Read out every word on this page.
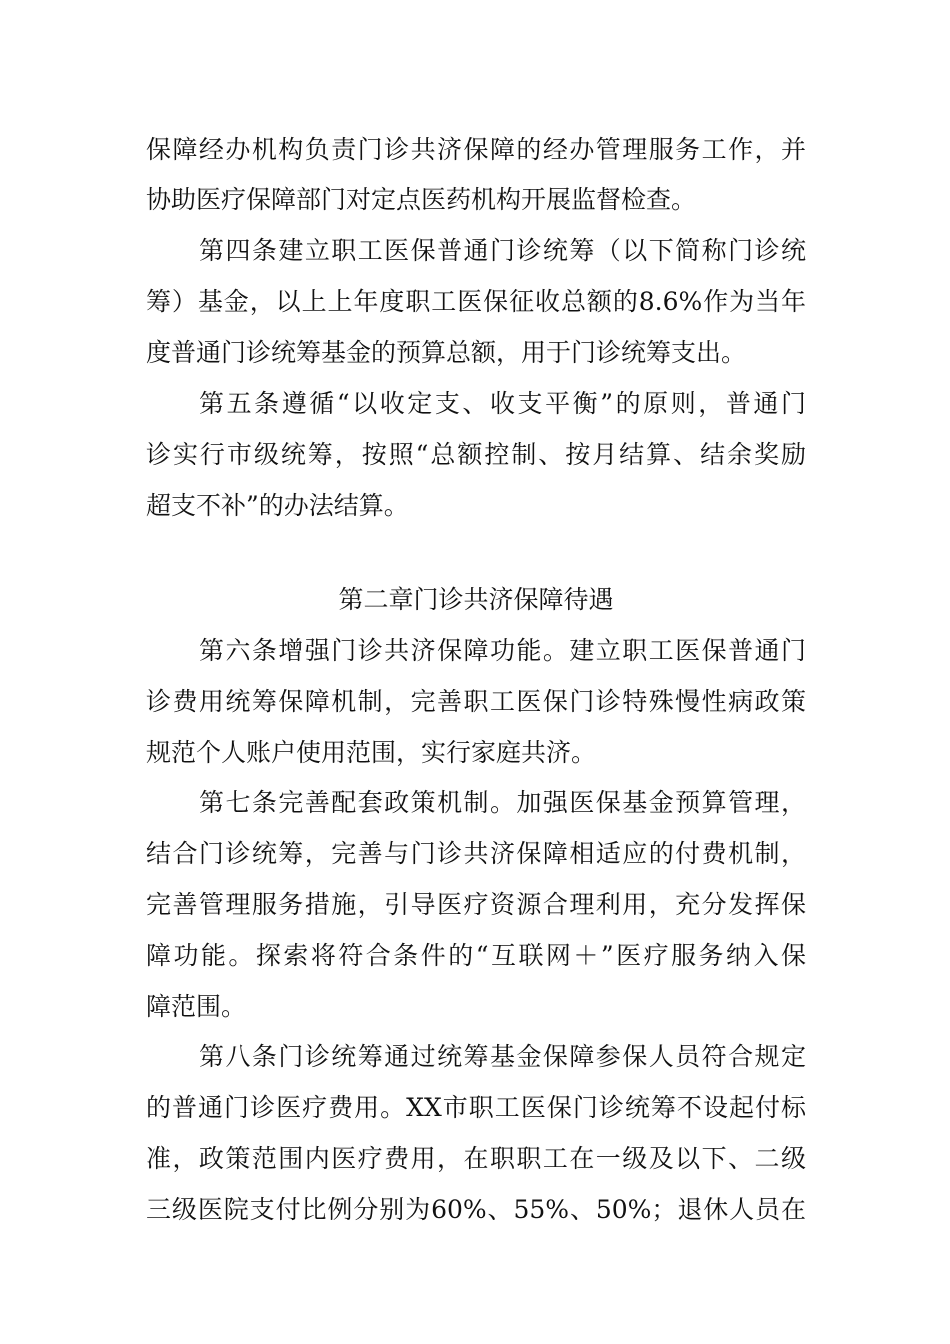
保障经办机构负责门诊共济保障的经办管理服务工作，并
协助医疗保障部门对定点医药机构开展监督检查。
第四条建立职工医保普通门诊统筹（以下简称门诊统
筹）基金，以上上年度职工医保征收总额的8.6%作为当年
度普通门诊统筹基金的预算总额，用于门诊统筹支出。
第五条遵循“以收定支、收支平衡”的原则，普通门
诊实行市级统筹，按照“总额控制、按月结算、结余奖励
超支不补”的办法结算。
第二章门诊共济保障待遇
第六条增强门诊共济保障功能。建立职工医保普通门
诊费用统筹保障机制，完善职工医保门诊特殊慢性病政策
规范个人账户使用范围，实行家庭共济。
第七条完善配套政策机制。加强医保基金预算管理，
结合门诊统筹，完善与门诊共济保障相适应的付费机制，
完善管理服务措施，引导医疗资源合理利用，充分发挥保
障功能。探索将符合条件的“互联网＋”医疗服务纳入保
障范围。
第八条门诊统筹通过统筹基金保障参保人员符合规定
的普通门诊医疗费用。XX市职工医保门诊统筹不设起付标
准，政策范围内医疗费用，在职职工在一级及以下、二级
三级医院支付比例分别为60%、55%、50%；退休人员在
